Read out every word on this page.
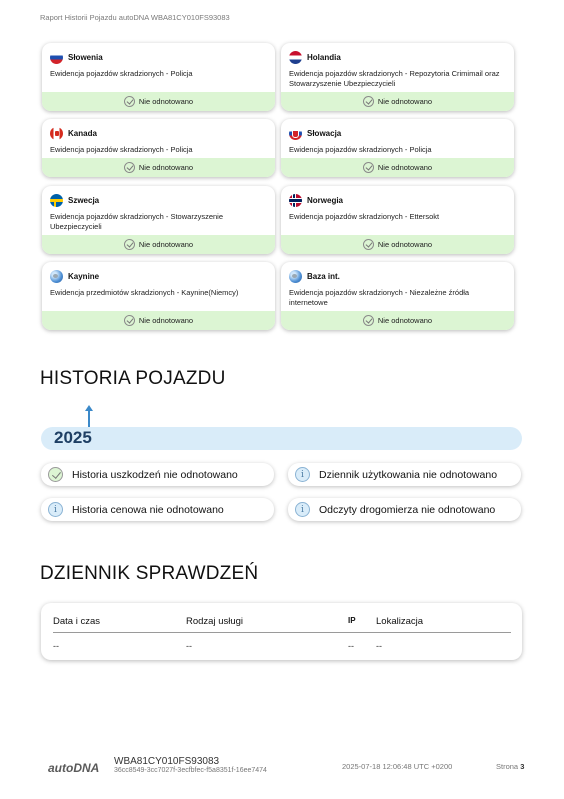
Raport Historii Pojazdu autoDNA WBA81CY010FS93083
Słowenia
Ewidencja pojazdów skradzionych - Policja
Nie odnotowano
Holandia
Ewidencja pojazdów skradzionych - Repozytoria Crimimail oraz Stowarzyszenie Ubezpieczycieli
Nie odnotowano
Kanada
Ewidencja pojazdów skradzionych - Policja
Nie odnotowano
Słowacja
Ewidencja pojazdów skradzionych - Policja
Nie odnotowano
Szwecja
Ewidencja pojazdów skradzionych - Stowarzyszenie Ubezpieczycieli
Nie odnotowano
Norwegia
Ewidencja pojazdów skradzionych - Ettersokt
Nie odnotowano
Kaynine
Ewidencja przedmiotów skradzionych - Kaynine(Niemcy)
Nie odnotowano
Baza int.
Ewidencja pojazdów skradzionych - Niezależne źródła internetowe
Nie odnotowano
HISTORIA POJAZDU
2025
Historia uszkodzeń nie odnotowano	i	Dziennik użytkowania nie odnotowano
i	Historia cenowa nie odnotowano	i	Odczyty drogomierza nie odnotowano
DZIENNIK SPRAWDZEŃ
Data i czas	Rodzaj usługi	IP Lokalizacja
--	--	-- --
autoDNA WBA81CY010FS93083
36cc8549-3cc7027f-3ecfbfec-f5a8351f-16ee7474	2025-07-18 12:06:48 UTC +0200	Strona 3
